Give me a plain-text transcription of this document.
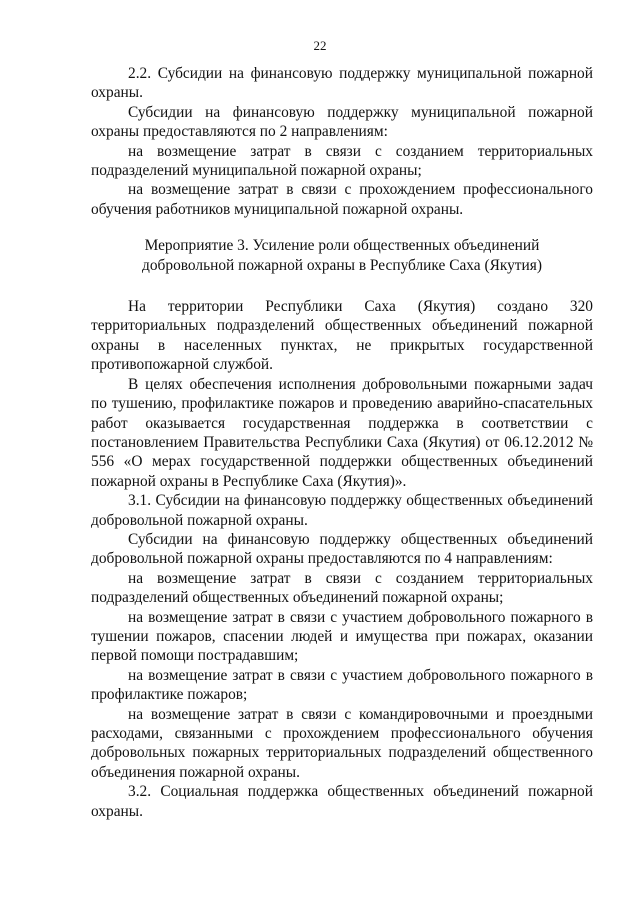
22

2.2. Субсидии на финансовую поддержку муниципальной пожарной охраны.

Субсидии на финансовую поддержку муниципальной пожарной охраны предоставляются по 2 направлениям:

на возмещение затрат в связи с созданием территориальных подразделений муниципальной пожарной охраны;

на возмещение затрат в связи с прохождением профессионального обучения работников муниципальной пожарной охраны.

Мероприятие 3. Усиление роли общественных объединений добровольной пожарной охраны в Республике Саха (Якутия)

На территории Республики Саха (Якутия) создано 320 территориальных подразделений общественных объединений пожарной охраны в населенных пунктах, не прикрытых государственной противопожарной службой.

В целях обеспечения исполнения добровольными пожарными задач по тушению, профилактике пожаров и проведению аварийно-спасательных работ оказывается государственная поддержка в соответствии с постановлением Правительства Республики Саха (Якутия) от 06.12.2012 № 556 «О мерах государственной поддержки общественных объединений пожарной охраны в Республике Саха (Якутия)».

3.1. Субсидии на финансовую поддержку общественных объединений добровольной пожарной охраны.

Субсидии на финансовую поддержку общественных объединений добровольной пожарной охраны предоставляются по 4 направлениям:

на возмещение затрат в связи с созданием территориальных подразделений общественных объединений пожарной охраны;

на возмещение затрат в связи с участием добровольного пожарного в тушении пожаров, спасении людей и имущества при пожарах, оказании первой помощи пострадавшим;

на возмещение затрат в связи с участием добровольного пожарного в профилактике пожаров;

на возмещение затрат в связи с командировочными и проездными расходами, связанными с прохождением профессионального обучения добровольных пожарных территориальных подразделений общественного объединения пожарной охраны.

3.2. Социальная поддержка общественных объединений пожарной охраны.
